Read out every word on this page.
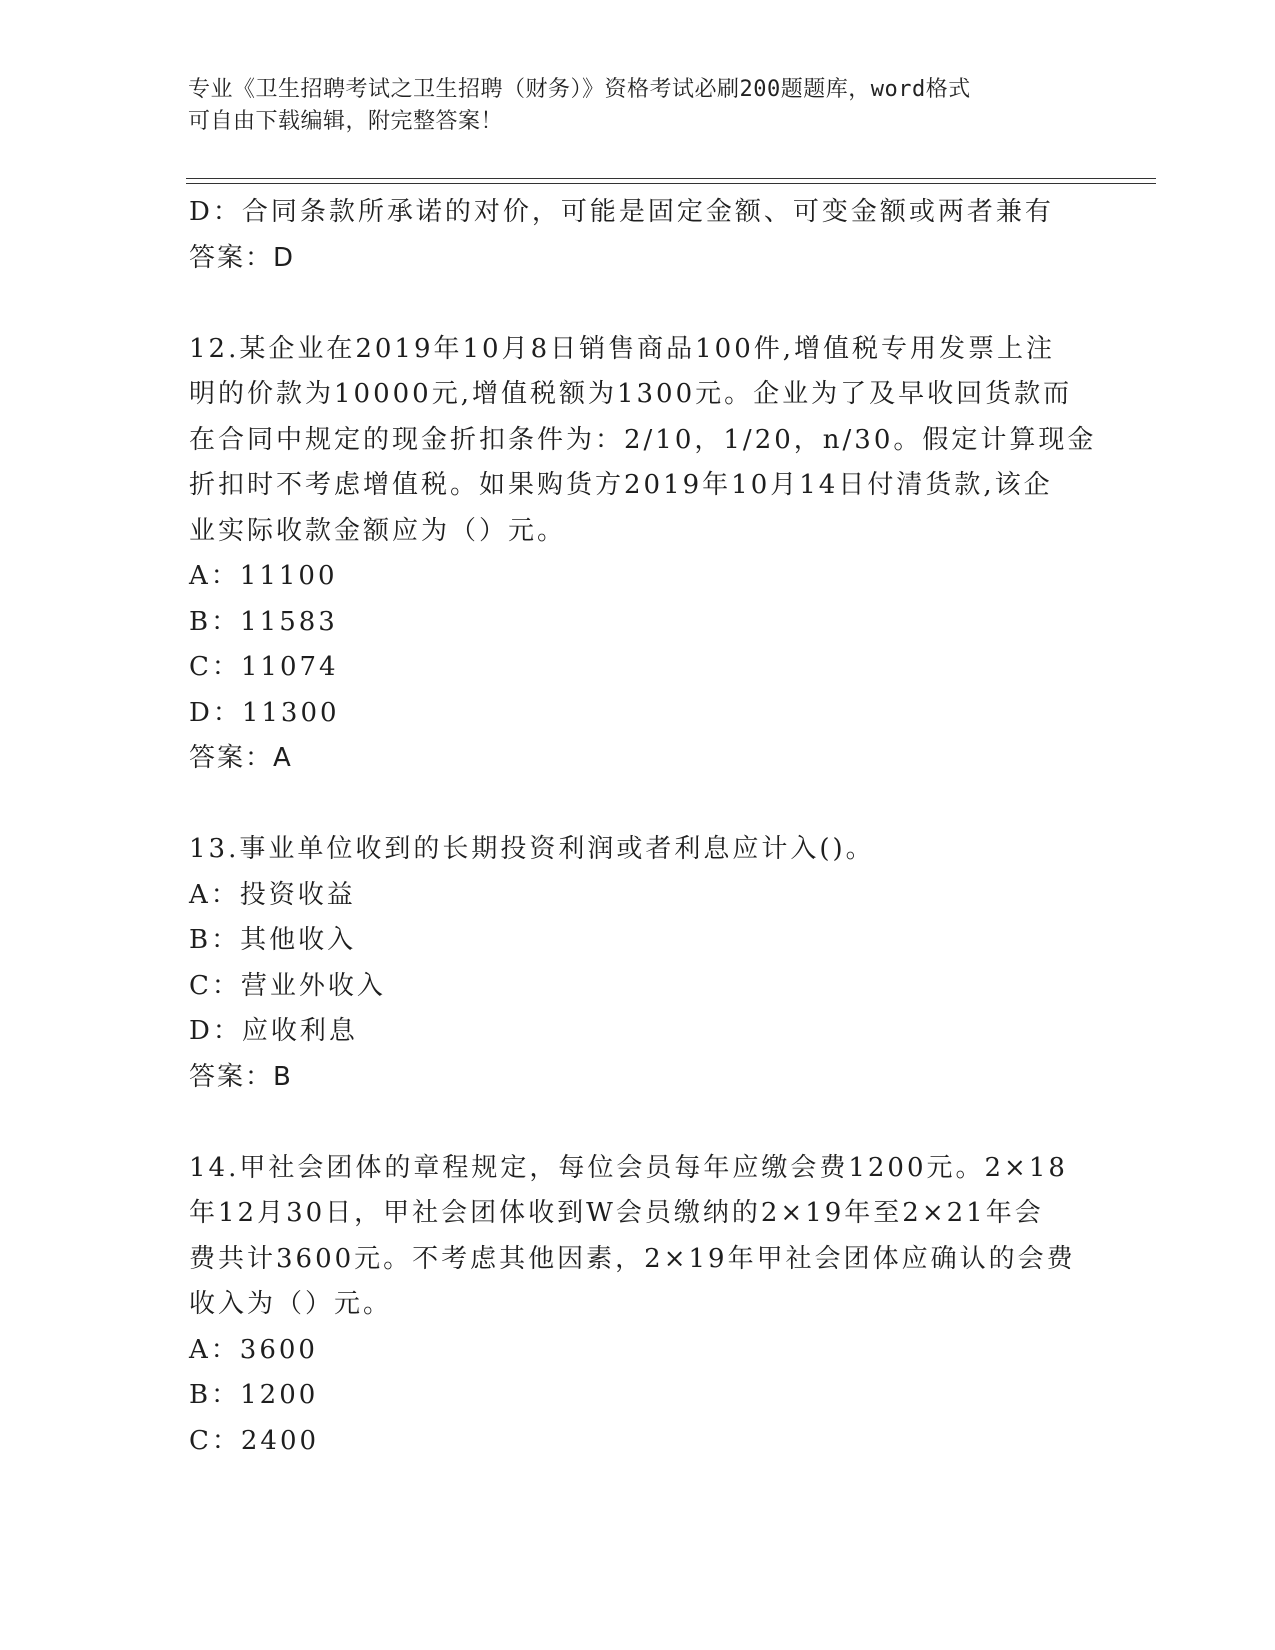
专业《卫生招聘考试之卫生招聘（财务）》资格考试必刷200题题库，word格式
可自由下载编辑，附完整答案！
D：合同条款所承诺的对价，可能是固定金额、可变金额或两者兼有
答案：D
12.某企业在2019年10月8日销售商品100件,增值税专用发票上注
明的价款为10000元,增值税额为1300元。企业为了及早收回货款而
在合同中规定的现金折扣条件为：2/10，1/20，n/30。假定计算现金
折扣时不考虑增值税。如果购货方2019年10月14日付清货款,该企
业实际收款金额应为（）元。
A：11100
B：11583
C：11074
D：11300
答案：A
13.事业单位收到的长期投资利润或者利息应计入()。
A：投资收益
B：其他收入
C：营业外收入
D：应收利息
答案：B
14.甲社会团体的章程规定，每位会员每年应缴会费1200元。2×18
年12月30日，甲社会团体收到W会员缴纳的2×19年至2×21年会
费共计3600元。不考虑其他因素，2×19年甲社会团体应确认的会费
收入为（）元。
A：3600
B：1200
C：2400
